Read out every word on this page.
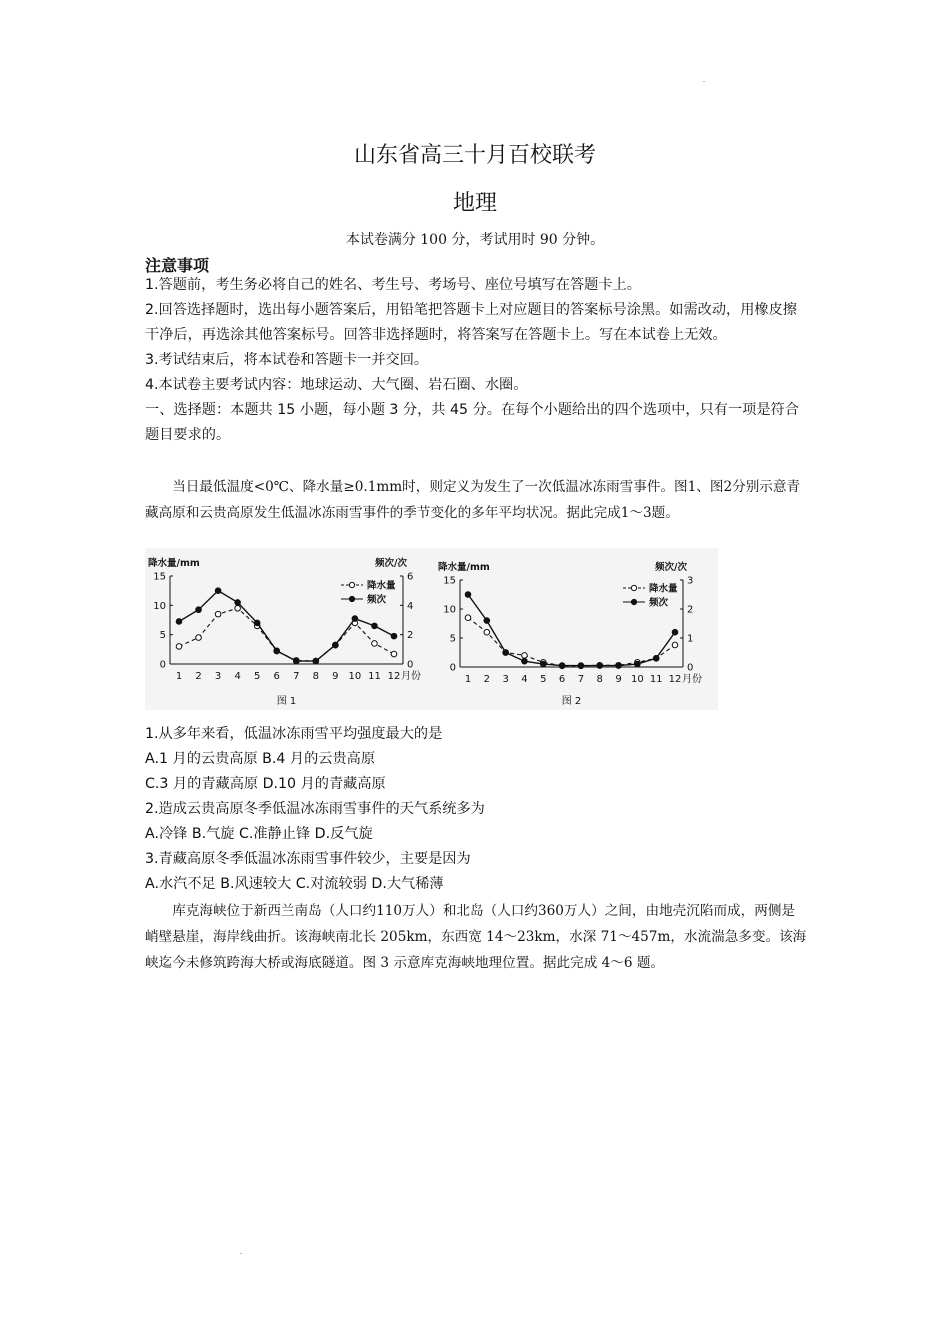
山东省高三十月百校联考
地理
本试卷满分 100 分，考试用时 90 分钟。
注意事项

1.答题前，考生务必将自己的姓名、考生号、考场号、座位号填写在答题卡上。

2.回答选择题时，选出每小题答案后，用铅笔把答题卡上对应题目的答案标号涂黑。如需改动，用橡皮擦干净后，再选涂其他答案标号。回答非选择题时，将答案写在答题卡上。写在本试卷上无效。

3.考试结束后，将本试卷和答题卡一并交回。

4.本试卷主要考试内容：地球运动、大气圈、岩石圈、水圈。

一、选择题：本题共 15 小题，每小题 3 分，共 45 分。在每个小题给出的四个选项中，只有一项是符合题目要求的。

当日最低温度<0℃、降水量≥0.1mm时，则定义为发生了一次低温冰冻雨雪事件。图1、图2分别示意青藏高原和云贵高原发生低温冰冻雨雪事件的季节变化的多年平均状况。据此完成1～3题。
降水量/mm	频次/次
0
5
10
15
0
2
4
6
1 2 3 4 5 6 7 8 9 10 11 12 月份
降水量
频次
图 1
降水量/mm	频次/次
0
5
10
15
0
1
2
3
1 2 3 4 5 6 7 8 9 10 11 12 月份
降水量
频次
图 2
1.从多年来看，低温冰冻雨雪平均强度最大的是
A.1 月的云贵高原 B.4 月的云贵高原
C.3 月的青藏高原 D.10 月的青藏高原
2.造成云贵高原冬季低温冰冻雨雪事件的天气系统多为
A.冷锋 B.气旋 C.准静止锋 D.反气旋
3.青藏高原冬季低温冰冻雨雪事件较少，主要是因为
A.水汽不足 B.风速较大 C.对流较弱 D.大气稀薄
库克海峡位于新西兰南岛（人口约110万人）和北岛（人口约360万人）之间，由地壳沉陷而成，两侧是峭壁悬崖，海岸线曲折。该海峡南北长 205km，东西宽 14～23km，水深 71～457m，水流湍急多变。该海峡迄今未修筑跨海大桥或海底隧道。图 3 示意库克海峡地理位置。据此完成 4～6 题。
